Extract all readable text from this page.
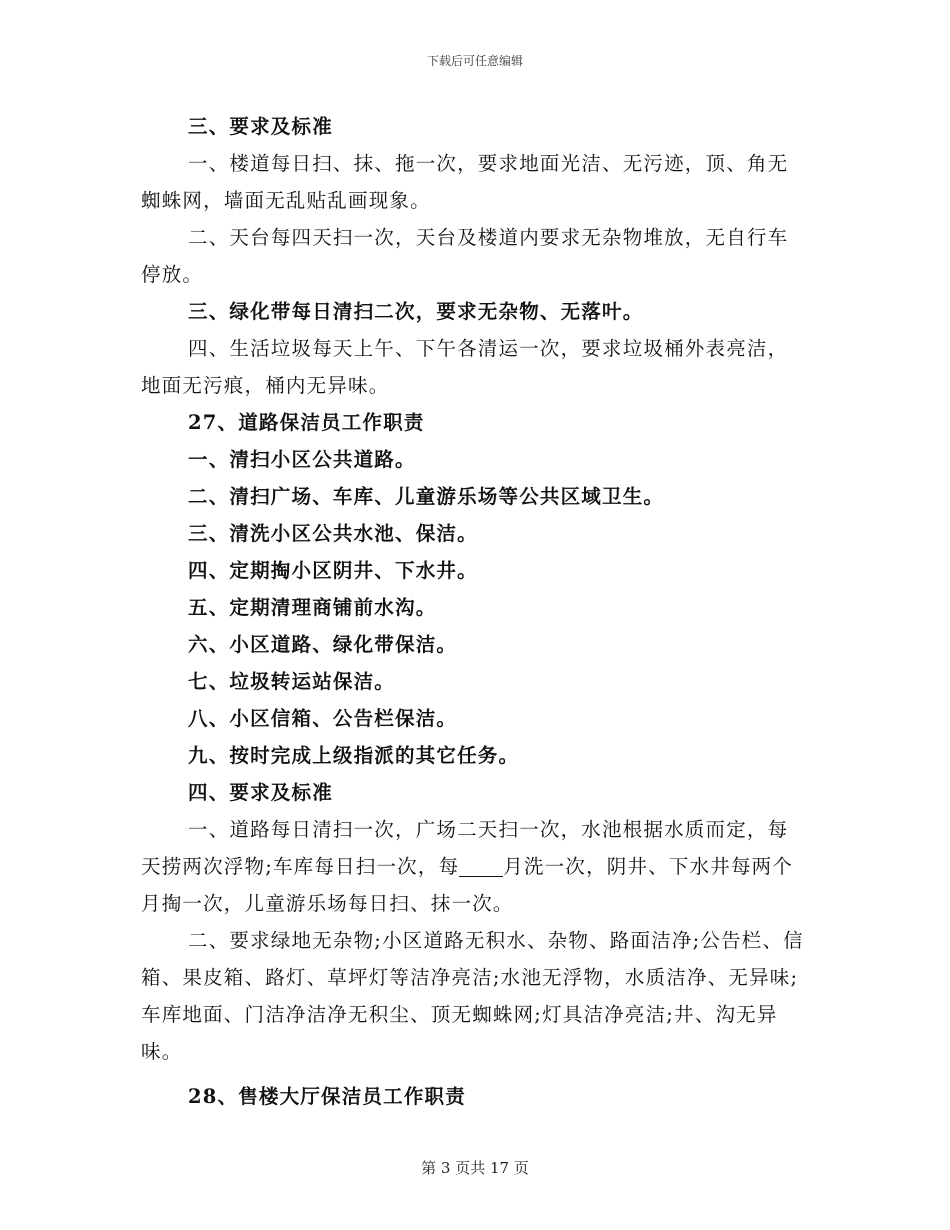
下载后可任意编辑

三、要求及标准

一、楼道每日扫、抹、拖一次，要求地面光洁、无污迹，顶、角无蜘蛛网，墙面无乱贴乱画现象。

二、天台每四天扫一次，天台及楼道内要求无杂物堆放，无自行车停放。

三、绿化带每日清扫二次，要求无杂物、无落叶。

四、生活垃圾每天上午、下午各清运一次，要求垃圾桶外表亮洁，地面无污痕，桶内无异味。

27、道路保洁员工作职责

一、清扫小区公共道路。

二、清扫广场、车库、儿童游乐场等公共区域卫生。

三、清洗小区公共水池、保洁。

四、定期掏小区阴井、下水井。

五、定期清理商铺前水沟。

六、小区道路、绿化带保洁。

七、垃圾转运站保洁。

八、小区信箱、公告栏保洁。

九、按时完成上级指派的其它任务。

四、要求及标准

一、道路每日清扫一次，广场二天扫一次，水池根据水质而定，每天捞两次浮物;车库每日扫一次，每 月洗一次，阴井、下水井每两个月掏一次，儿童游乐场每日扫、抹一次。

二、要求绿地无杂物;小区道路无积水、杂物、路面洁净;公告栏、信箱、果皮箱、路灯、草坪灯等洁净亮洁;水池无浮物，水质洁净、无异味;车库地面、门洁净洁净无积尘、顶无蜘蛛网;灯具洁净亮洁;井、沟无异味。

28、售楼大厅保洁员工作职责

第 3 页共 17 页
